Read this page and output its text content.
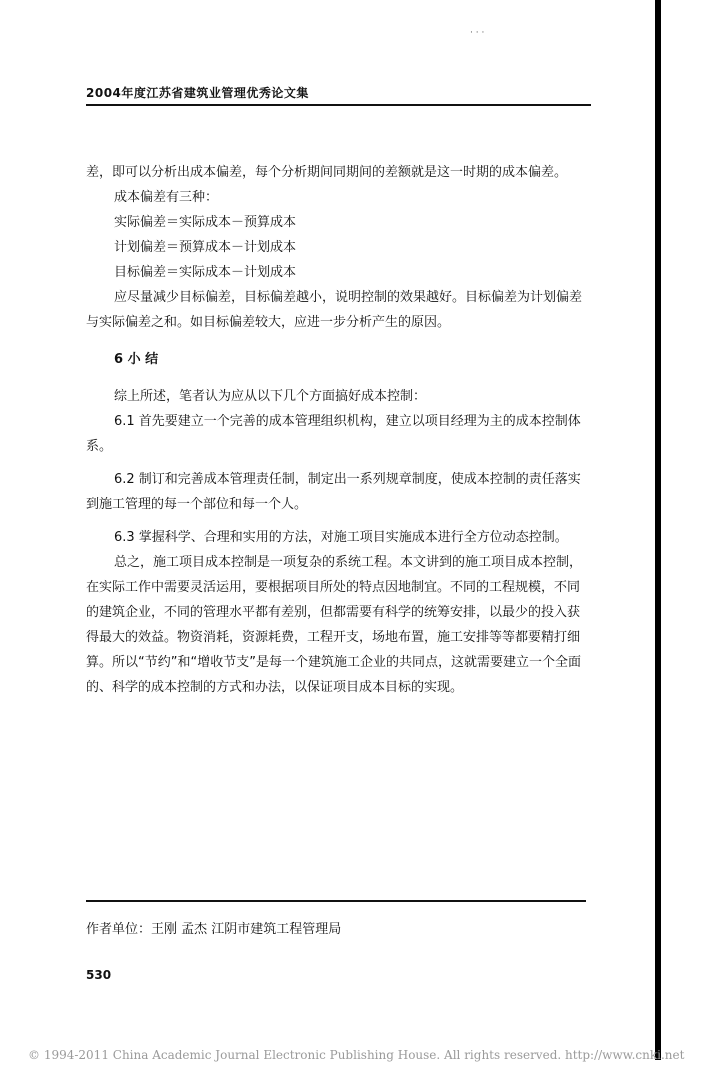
· · ·
2004年度江苏省建筑业管理优秀论文集

差，即可以分析出成本偏差，每个分析期间同期间的差额就是这一时期的成本偏差。

成本偏差有三种：

实际偏差＝实际成本－预算成本

计划偏差＝预算成本－计划成本

目标偏差＝实际成本－计划成本

应尽量减少目标偏差，目标偏差越小，说明控制的效果越好。目标偏差为计划偏差与实际偏差之和。如目标偏差较大，应进一步分析产生的原因。

6 小 结

综上所述，笔者认为应从以下几个方面搞好成本控制：

6.1 首先要建立一个完善的成本管理组织机构，建立以项目经理为主的成本控制体系。

6.2 制订和完善成本管理责任制，制定出一系列规章制度，使成本控制的责任落实到施工管理的每一个部位和每一个人。

6.3 掌握科学、合理和实用的方法，对施工项目实施成本进行全方位动态控制。

总之，施工项目成本控制是一项复杂的系统工程。本文讲到的施工项目成本控制，在实际工作中需要灵活运用，要根据项目所处的特点因地制宜。不同的工程规模，不同的建筑企业，不同的管理水平都有差别，但都需要有科学的统筹安排，以最少的投入获得最大的效益。物资消耗，资源耗费，工程开支，场地布置，施工安排等等都要精打细算。所以“节约”和“增收节支”是每一个建筑施工企业的共同点，这就需要建立一个全面的、科学的成本控制的方式和办法，以保证项目成本目标的实现。

作者单位：王刚 孟杰 江阴市建筑工程管理局
530
© 1994-2011 China Academic Journal Electronic Publishing House. All rights reserved. http://www.cnki.net
